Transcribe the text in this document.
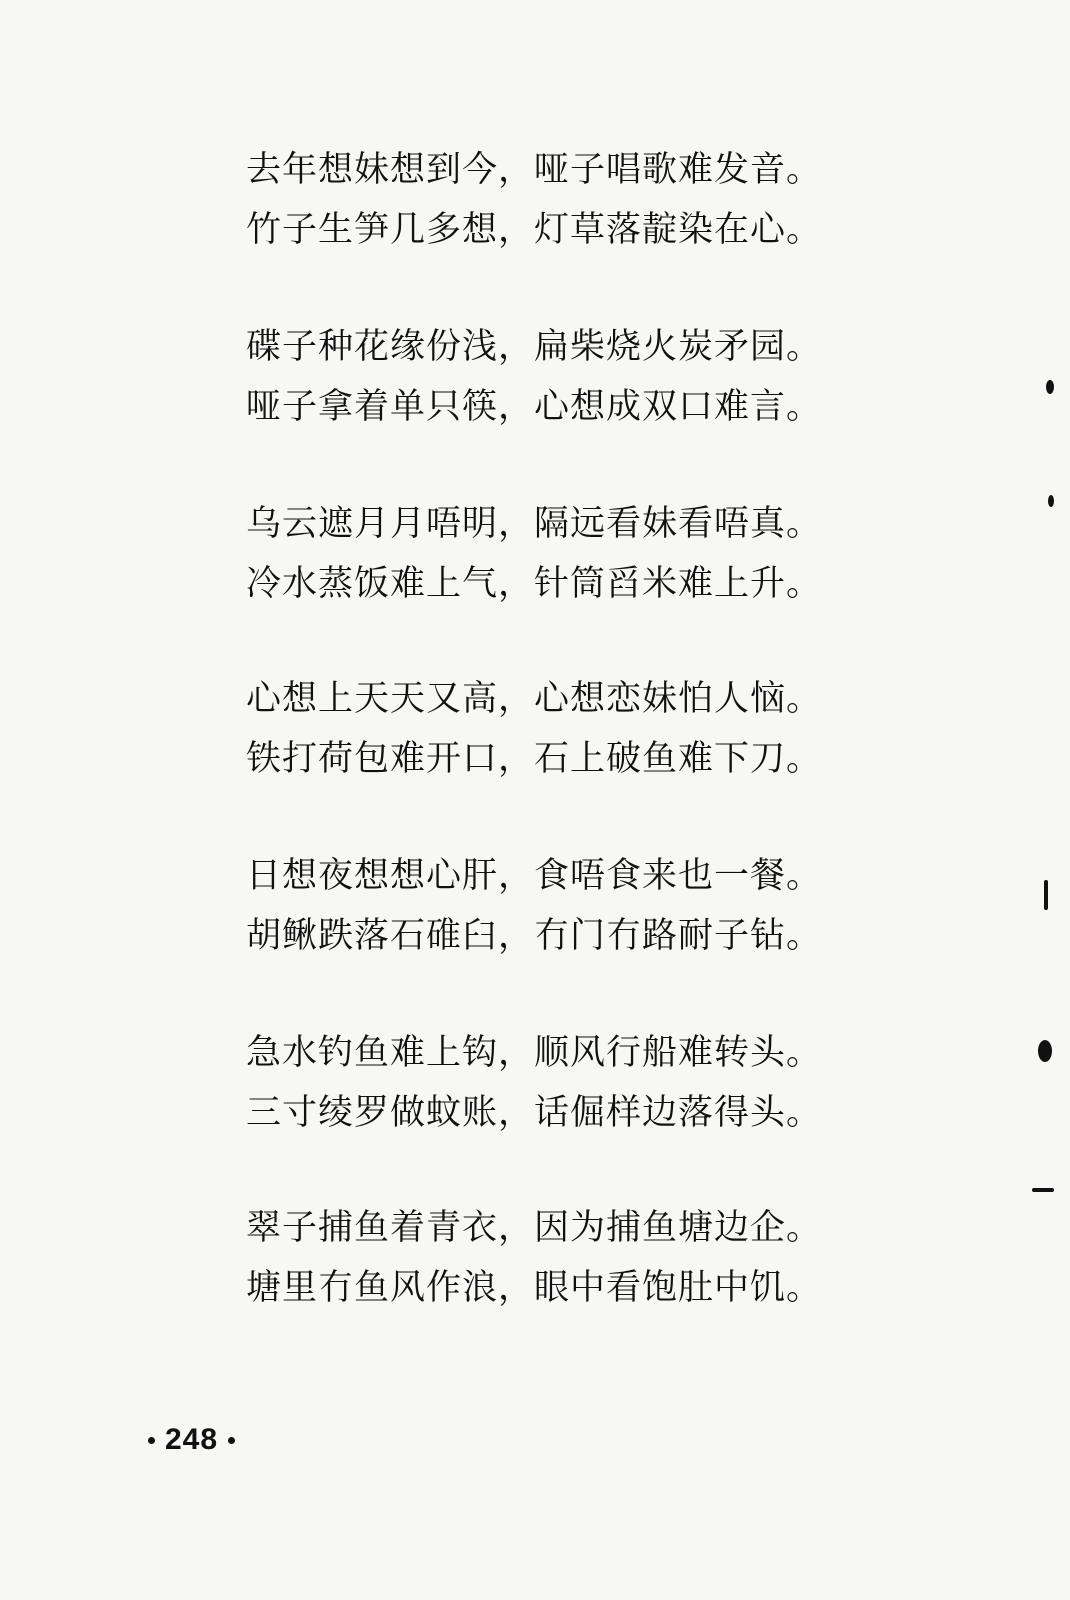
去年想妹想到今，哑子唱歌难发音。
竹子生笋几多想，灯草落靛染在心。
碟子种花缘份浅，扁柴烧火炭矛园。
哑子拿着单只筷，心想成双口难言。
乌云遮月月唔明，隔远看妹看唔真。
冷水蒸饭难上气，针筒舀米难上升。
心想上天天又高，心想恋妹怕人恼。
铁打荷包难开口，石上破鱼难下刀。
日想夜想想心肝，食唔食来也一餐。
胡鳅跌落石碓臼，冇门冇路耐子钻。
急水钓鱼难上钩，顺风行船难转头。
三寸绫罗做蚊账，话倔样边落得头。
翠子捕鱼着青衣，因为捕鱼塘边企。
塘里冇鱼风作浪，眼中看饱肚中饥。
248
